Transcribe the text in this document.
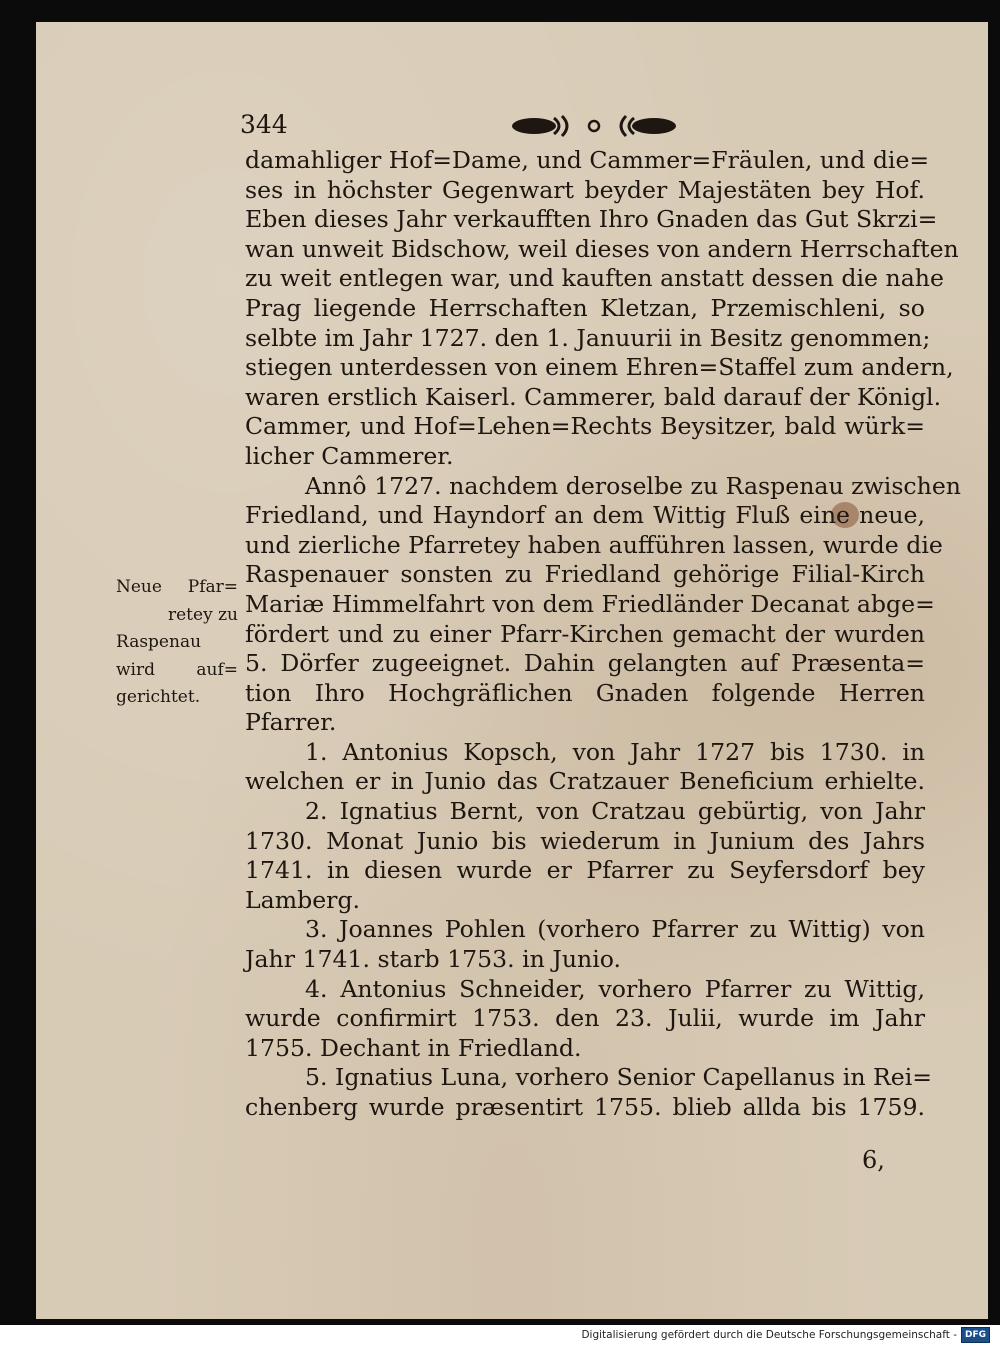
344
damahliger Hof=Dame, und Cammer=Fräulen, und die=
ses in höchster Gegenwart beyder Majestäten bey Hof.
Eben dieses Jahr verkaufften Ihro Gnaden das Gut Skrzi=
wan unweit Bidschow, weil dieses von andern Herrschaften
zu weit entlegen war, und kauften anstatt dessen die nahe
Prag liegende Herrschaften Kletzan, Przemischleni, so
selbte im Jahr 1727. den 1. Januurii in Besitz genommen;
stiegen unterdessen von einem Ehren=Staffel zum andern,
waren erstlich Kaiserl. Cammerer, bald darauf der Königl.
Cammer, und Hof=Lehen=Rechts Beysitzer, bald würk=
licher Cammerer.
Annô 1727. nachdem deroselbe zu Raspenau zwischen
Friedland, und Hayndorf an dem Wittig Fluß eine neue,
und zierliche Pfarretey haben aufführen lassen, wurde die
Raspenauer sonsten zu Friedland gehörige Filial-Kirch
Mariæ Himmelfahrt von dem Friedländer Decanat abge=
fördert und zu einer Pfarr-Kirchen gemacht der wurden
5. Dörfer zugeeignet. Dahin gelangten auf Præsenta=
tion Ihro Hochgräflichen Gnaden folgende Herren
Pfarrer.
1. Antonius Kopsch, von Jahr 1727 bis 1730. in
welchen er in Junio das Cratzauer Beneficium erhielte.
2. Ignatius Bernt, von Cratzau gebürtig, von Jahr
1730. Monat Junio bis wiederum in Junium des Jahrs
1741. in diesen wurde er Pfarrer zu Seyfersdorf bey
Lamberg.
3. Joannes Pohlen (vorhero Pfarrer zu Wittig) von
Jahr 1741. starb 1753. in Junio.
4. Antonius Schneider, vorhero Pfarrer zu Wittig,
wurde confirmirt 1753. den 23. Julii, wurde im Jahr
1755. Dechant in Friedland.
5. Ignatius Luna, vorhero Senior Capellanus in Rei=
chenberg wurde præsentirt 1755. blieb allda bis 1759.
Neue Pfar=
retey zu
Raspenau
wird auf=
gerichtet.
6,
Digitalisierung gefördert durch die Deutsche Forschungsgemeinschaft - DFG
